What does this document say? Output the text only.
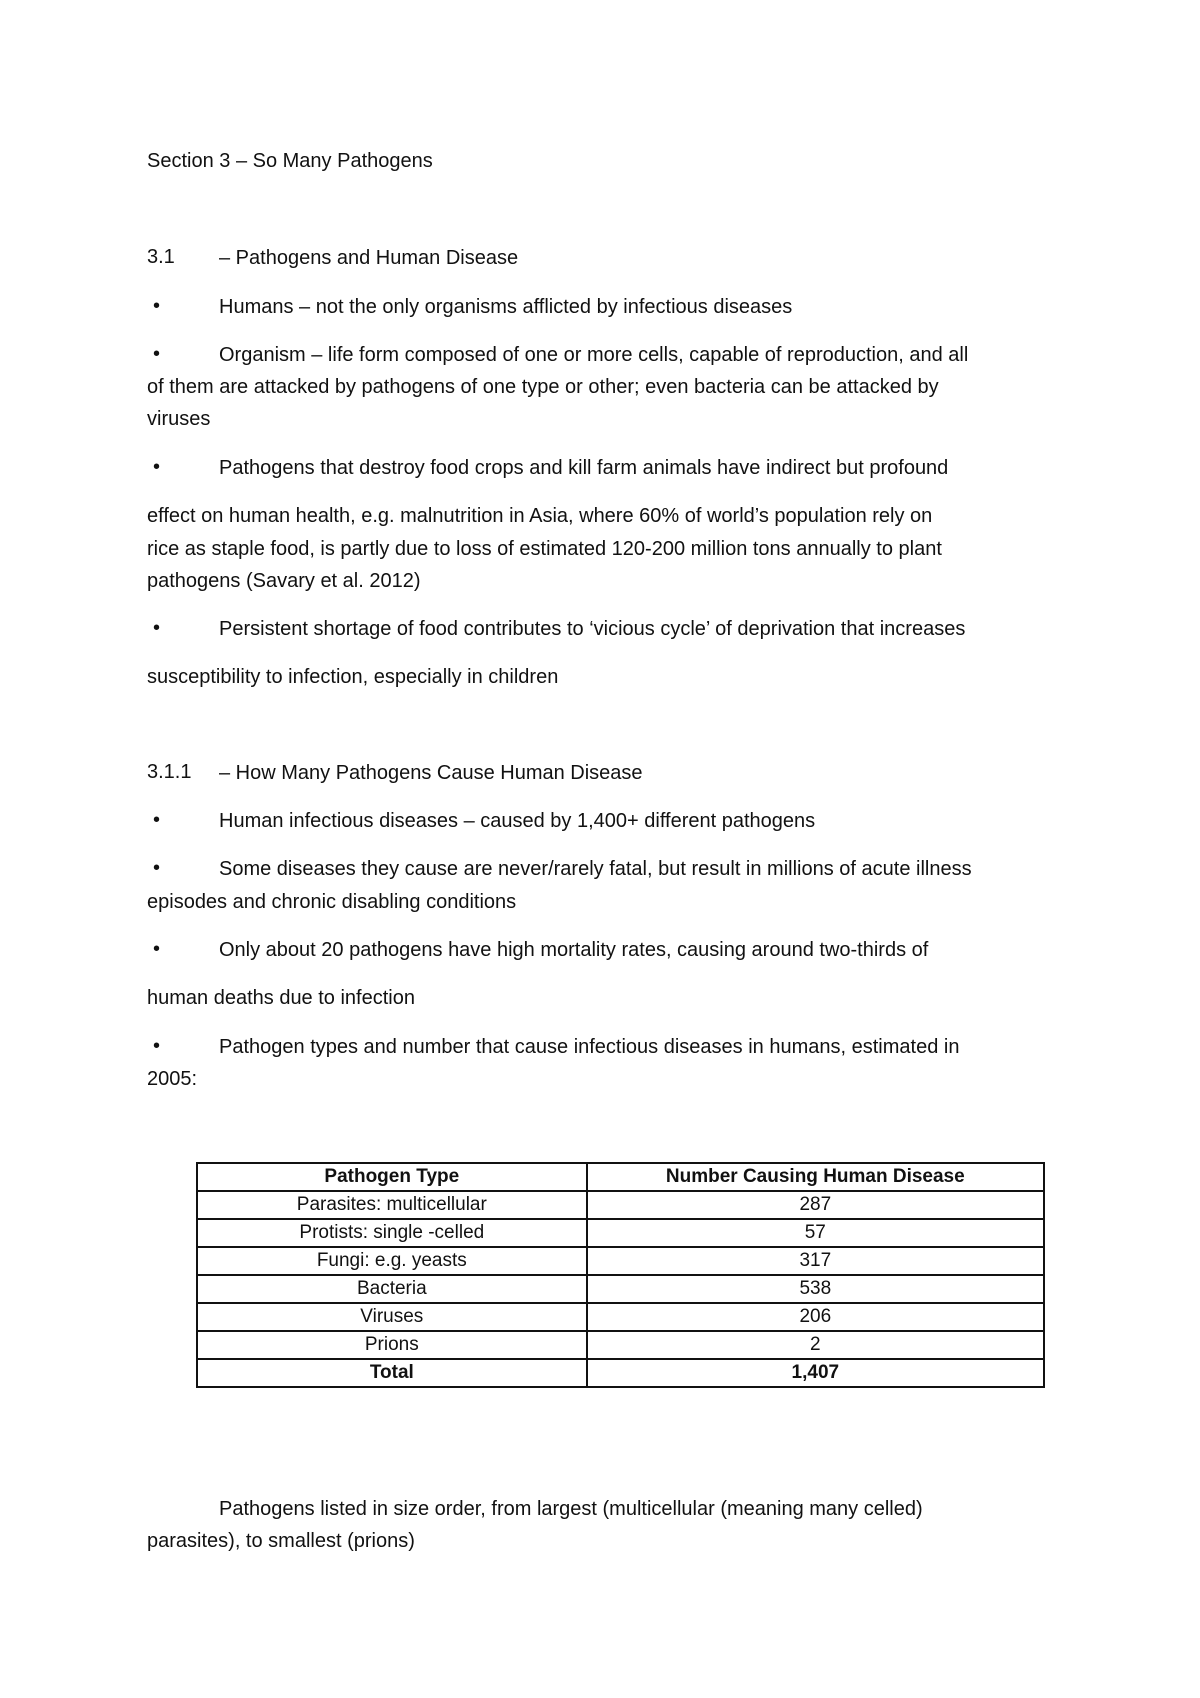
Section 3 – So Many Pathogens
3.1 – Pathogens and Human Disease
•	Humans – not the only organisms afflicted by infectious diseases
•	Organism – life form composed of one or more cells, capable of reproduction, and all
of them are attacked by pathogens of one type or other; even bacteria can be attacked by
viruses
•	Pathogens that destroy food crops and kill farm animals have indirect but profound
effect on human health, e.g. malnutrition in Asia, where 60% of world’s population rely on
rice as staple food, is partly due to loss of estimated 120-200 million tons annually to plant
pathogens (Savary et al. 2012)
•	Persistent shortage of food contributes to ‘vicious cycle’ of deprivation that increases
susceptibility to infection, especially in children
3.1.1 – How Many Pathogens Cause Human Disease
•	Human infectious diseases – caused by 1,400+ different pathogens
•	Some diseases they cause are never/rarely fatal, but result in millions of acute illness
episodes and chronic disabling conditions
•	Only about 20 pathogens have high mortality rates, causing around two-thirds of
human deaths due to infection
•	Pathogen types and number that cause infectious diseases in humans, estimated in
2005:
Pathogen Type	Number Causing Human Disease
Parasites: multicellular	287
Protists: single -celled	57
Fungi: e.g. yeasts	317
Bacteria	538
Viruses	206
Prions	2
Total	1,407
Pathogens listed in size order, from largest (multicellular (meaning many celled)
parasites), to smallest (prions)
